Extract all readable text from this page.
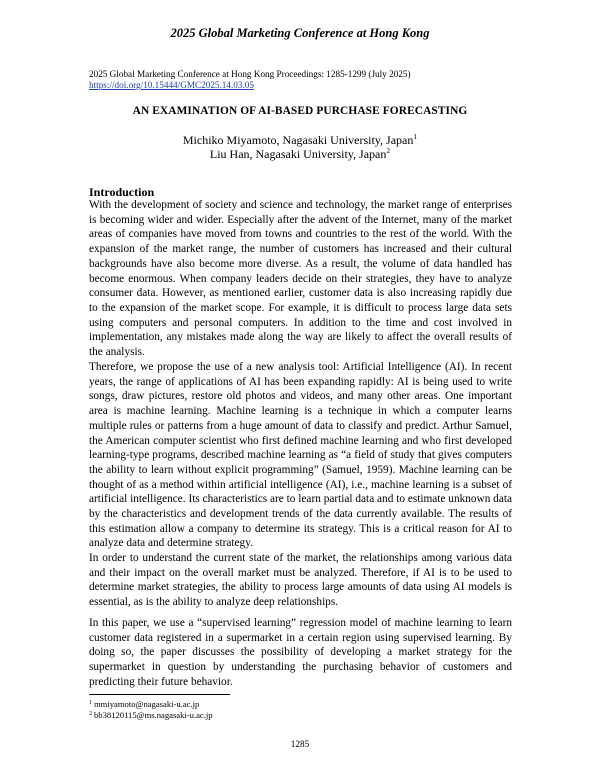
2025 Global Marketing Conference at Hong Kong
2025 Global Marketing Conference at Hong Kong Proceedings: 1285-1299 (July 2025)
https://doi.org/10.15444/GMC2025.14.03.05
AN EXAMINATION OF AI-BASED PURCHASE FORECASTING
Michiko Miyamoto, Nagasaki University, Japan$^1$
Liu Han, Nagasaki University, Japan$^2$
Introduction

With the development of society and science and technology, the market range of enterprises is becoming wider and wider. Especially after the advent of the Internet, many of the market areas of companies have moved from towns and countries to the rest of the world. With the expansion of the market range, the number of customers has increased and their cultural backgrounds have also become more diverse. As a result, the volume of data handled has become enormous. When company leaders decide on their strategies, they have to analyze consumer data. However, as mentioned earlier, customer data is also increasing rapidly due to the expansion of the market scope. For example, it is difficult to process large data sets using computers and personal computers. In addition to the time and cost involved in implementation, any mistakes made along the way are likely to affect the overall results of the analysis.

Therefore, we propose the use of a new analysis tool: Artificial Intelligence (AI). In recent years, the range of applications of AI has been expanding rapidly: AI is being used to write songs, draw pictures, restore old photos and videos, and many other areas. One important area is machine learning. Machine learning is a technique in which a computer learns multiple rules or patterns from a huge amount of data to classify and predict. Arthur Samuel, the American computer scientist who first defined machine learning and who first developed learning-type programs, described machine learning as “a field of study that gives computers the ability to learn without explicit programming” (Samuel, 1959). Machine learning can be thought of as a method within artificial intelligence (AI), i.e., machine learning is a subset of artificial intelligence. Its characteristics are to learn partial data and to estimate unknown data by the characteristics and development trends of the data currently available. The results of this estimation allow a company to determine its strategy. This is a critical reason for AI to analyze data and determine strategy.

In order to understand the current state of the market, the relationships among various data and their impact on the overall market must be analyzed. Therefore, if AI is to be used to determine market strategies, the ability to process large amounts of data using AI models is essential, as is the ability to analyze deep relationships.

In this paper, we use a “supervised learning” regression model of machine learning to learn customer data registered in a supermarket in a certain region using supervised learning. By doing so, the paper discusses the possibility of developing a market strategy for the supermarket in question by understanding the purchasing behavior of customers and predicting their future behavior.

$^1$ mmiyamoto@nagasaki-u.ac.jp
$^2$ bb38120115@ms.nagasaki-u.ac.jp
1285
